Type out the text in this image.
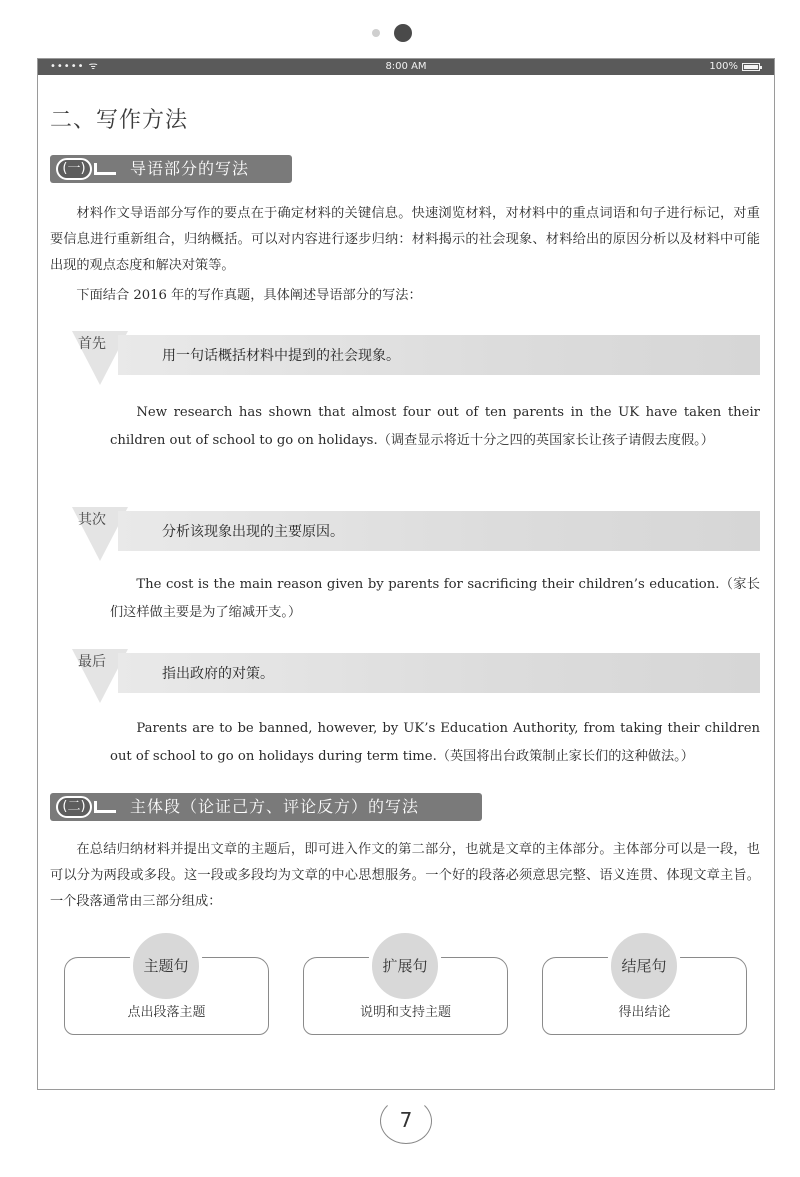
••••• ᯤ	8:00 AM	100%
二、写作方法
(一)	导语部分的写法

材料作文导语部分写作的要点在于确定材料的关键信息。快速浏览材料，对材料中的重点词语和句子进行标记，对重要信息进行重新组合，归纳概括。可以对内容进行逐步归纳：材料揭示的社会现象、材料给出的原因分析以及材料中可能出现的观点态度和解决对策等。

下面结合 2016 年的写作真题，具体阐述导语部分的写法：

首先
用一句话概括材料中提到的社会现象。

New research has shown that almost four out of ten parents in the UK have taken their children out of school to go on holidays.（调查显示将近十分之四的英国家长让孩子请假去度假。）

其次
分析该现象出现的主要原因。

The cost is the main reason given by parents for sacrificing their children’s education.（家长们这样做主要是为了缩减开支。）

最后
指出政府的对策。

Parents are to be banned, however, by UK’s Education Authority, from taking their children out of school to go on holidays during term time.（英国将出台政策制止家长们的这种做法。）

(二)	主体段（论证己方、评论反方）的写法

在总结归纳材料并提出文章的主题后，即可进入作文的第二部分，也就是文章的主体部分。主体部分可以是一段，也可以分为两段或多段。这一段或多段均为文章的中心思想服务。一个好的段落必须意思完整、语义连贯、体现文章主旨。一个段落通常由三部分组成：

主题句
点出段落主题
扩展句
说明和支持主题
结尾句
得出结论
7
